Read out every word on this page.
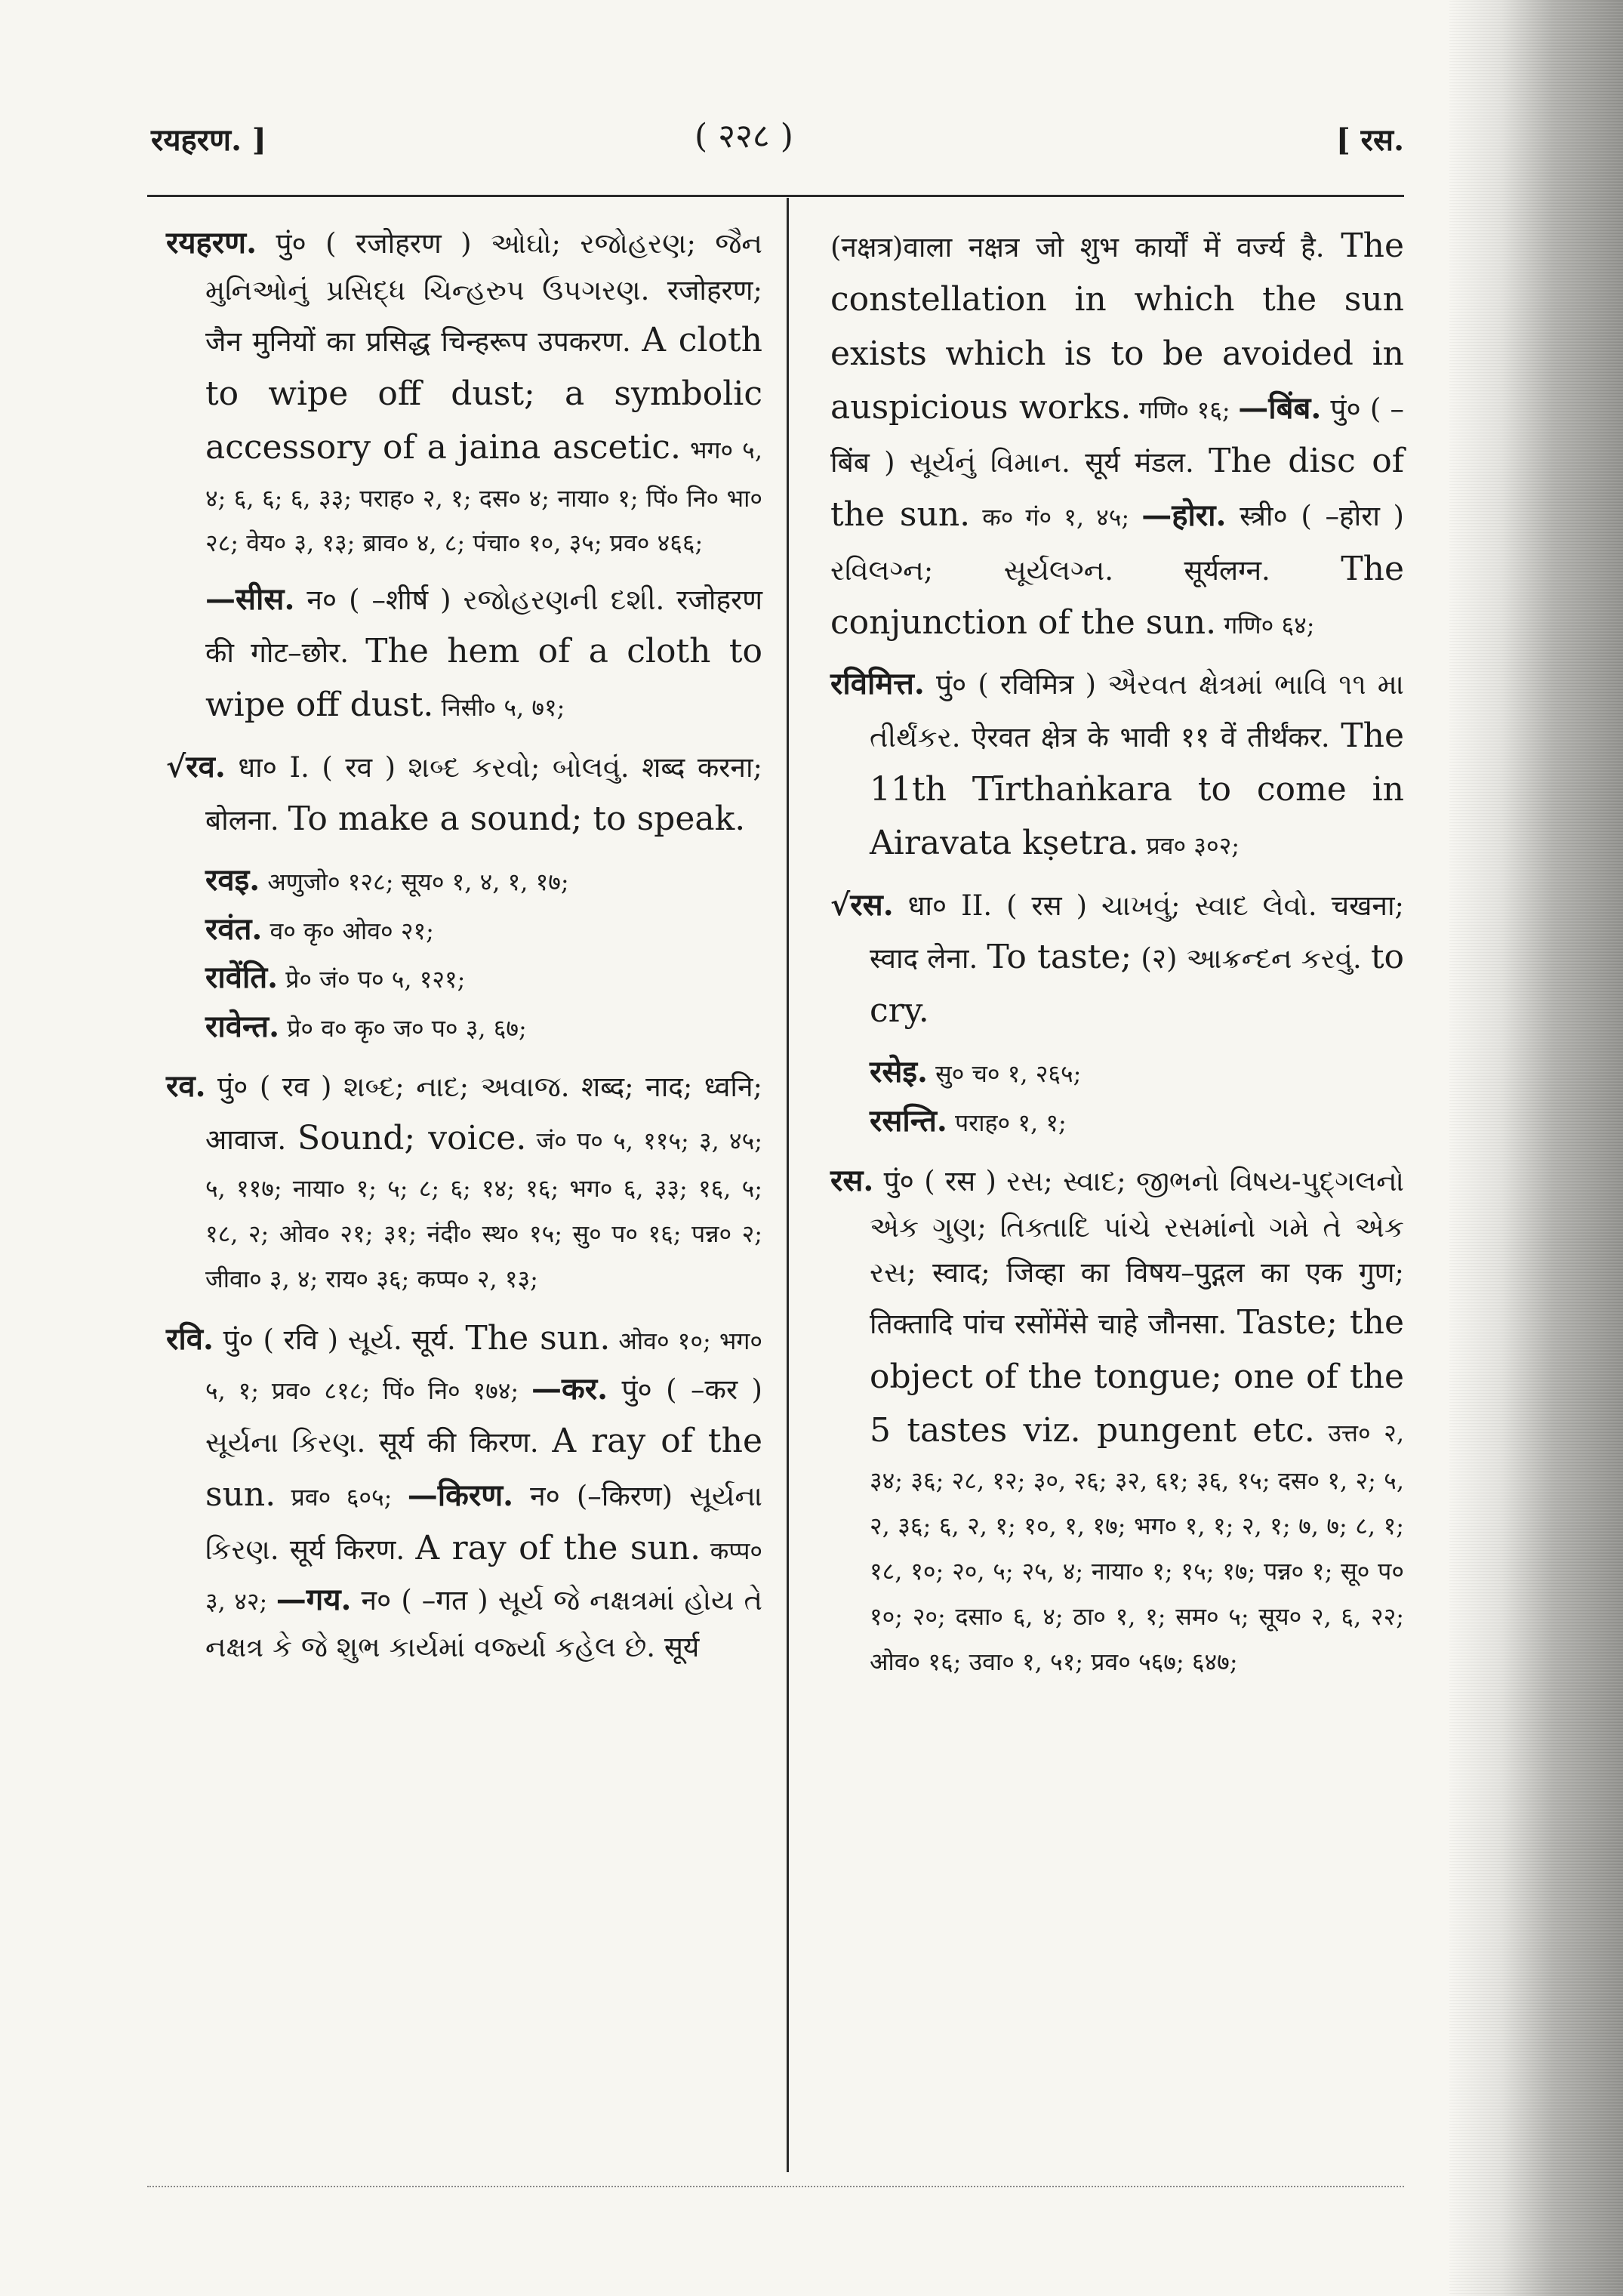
रयहरण. ]	( २२८ )	[ रस.

रयहरण. पुं० ( रजोहरण ) ઓઘો; રજોહરણ; જૈન મુનિઓનું પ્રસિદ્ધ ચિન્હરુપ ઉપગરણ. रजोहरण; जैन मुनियों का प्रसिद्ध चिन्हरूप उपकरण. A cloth to wipe off dust; a symbolic accessory of a jaina ascetic. भग० ५, ४; ६, ६; ६, ३३; पराह० २, १; दस० ४; नाया० १; पिं० नि० भा० २८; वेय० ३, १३; ब्राव० ४, ८; पंचा० १०, ३५; प्रव० ४६६;

—सीस. न० ( –शीर्ष ) રજોહરણની દશી. रजोहरण की गोट–छोर. The hem of a cloth to wipe off dust. निसी० ५, ७१;

√रव. धा० I. ( रव ) શબ્દ કરવો; બોલવું. शब्द करना; बोलना. To make a sound; to speak.

रवइ. अणुजो० १२८; सूय० १, ४, १, १७;

रवंत. व० कृ० ओव० २१;

रावेंति. प्रे० जं० प० ५, १२१;

रावेन्त. प्रे० व० कृ० ज० प० ३, ६७;

रव. पुं० ( रव ) શબ્દ; નાદ; અવાજ. शब्द; नाद; ध्वनि; आवाज. Sound; voice. जं० प० ५, ११५; ३, ४५; ५, ११७; नाया० १; ५; ८; ६; १४; १६; भग० ६, ३३; १६, ५; १८, २; ओव० २१; ३१; नंदी० स्थ० १५; सु० प० १६; पन्न० २; जीवा० ३, ४; राय० ३६; कप्प० २, १३;

रवि. पुं० ( रवि ) સૂર્ય. सूर्य. The sun. ओव० १०; भग० ५, १; प्रव० ८१८; पिं० नि० १७४; —कर. पुं० ( –कर ) સૂર્યના કિરણ. सूर्य की किरण. A ray of the sun. प्रव० ६०५; —किरण. न० (–किरण) સૂર્યના કિરણ. सूर्य किरण. A ray of the sun. कप्प० ३, ४२; —गय. न० ( –गत ) સૂર્ય જે નક્ષત્રમાં હોય તે નક્ષત્ર કે જે શુભ કાર્યમાં વર્જ્યા કહેલ છે. सूर्य

(नक्षत्र)वाला नक्षत्र जो शुभ कार्यों में वर्ज्य है. The constellation in which the sun exists which is to be avoided in auspicious works. गणि० १६; —बिंब. पुं० ( –बिंब ) સૂર્યનું વિમાન. सूर्य मंडल. The disc of the sun. क० गं० १, ४५; —होरा. स्त्री० ( –होरा ) રવિલગ્ન; સૂર્યલગ્ન. सूर्यलग्न. The conjunction of the sun. गणि० ६४;

रविमित्त. पुं० ( रविमित्र ) ઐરવત ક્ષેત્રમાં ભાવિ ૧૧ મા તીર્થંકર. ऐरवत क्षेत्र के भावी ११ वें तीर्थंकर. The 11th Tīrthaṅkara to come in Airavata kṣetra. प्रव० ३०२;

√रस. धा० II. ( रस ) ચાખવું; સ્વાદ લેવો. चखना; स्वाद लेना. To taste; (२) આક્રન્દન કરવું. to cry.

रसेइ. सु० च० १, २६५;

रसन्ति. पराह० १, १;

रस. पुं० ( रस ) રસ; સ્વાદ; જીભનો વિષય-પુદ્ગલનો એક ગુણ; તિક્તાદિ પાંચે રસમાંનો ગમે તે એક રસ; स्वाद; जिव्हा का विषय–पुद्गल का एक गुण; तिक्तादि पांच रसोंमेंसे चाहे जौनसा. Taste; the object of the tongue; one of the 5 tastes viz. pungent etc. उत्त० २, ३४; ३६; २८, १२; ३०, २६; ३२, ६१; ३६, १५; दस० १, २; ५, २, ३६; ६, २, १; १०, १, १७; भग० १, १; २, १; ७, ७; ८, १; १८, १०; २०, ५; २५, ४; नाया० १; १५; १७; पन्न० १; सू० प० १०; २०; दसा० ६, ४; ठा० १, १; सम० ५; सूय० २, ६, २२; ओव० १६; उवा० १, ५१; प्रव० ५६७; ६४७;
